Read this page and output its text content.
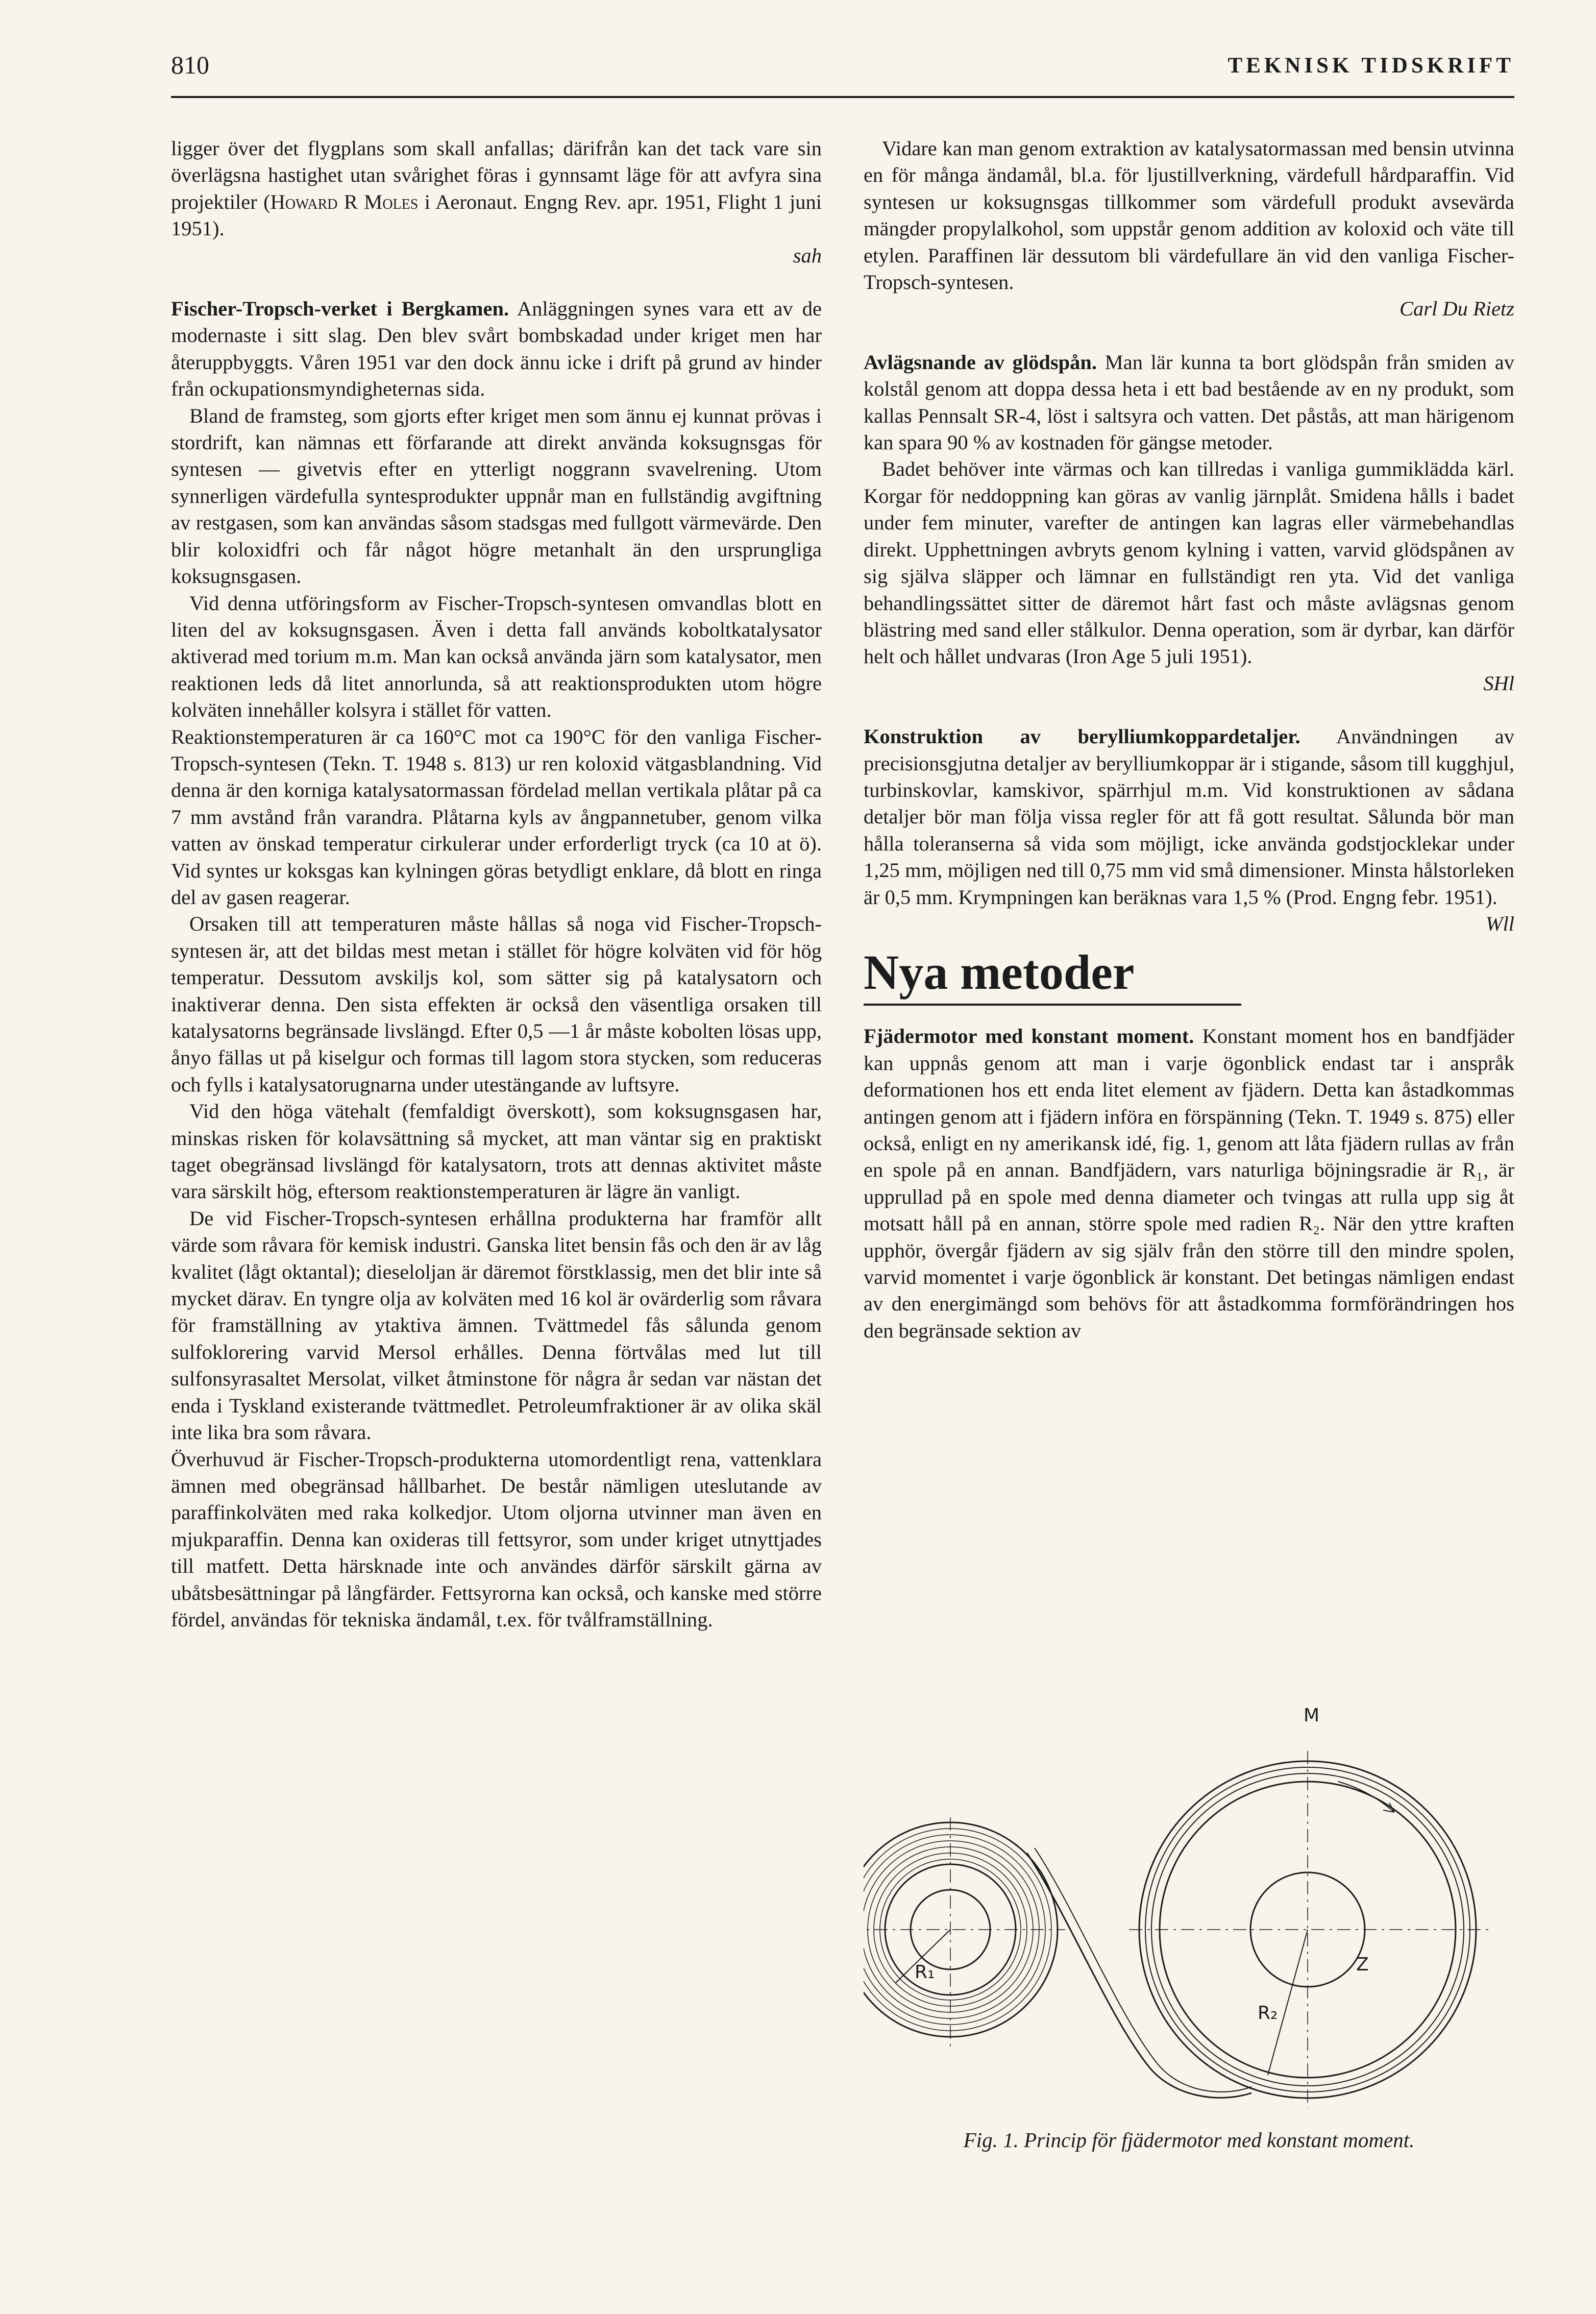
810	TEKNISK TIDSKRIFT

ligger över det flygplans som skall anfallas; därifrån kan det tack vare sin överlägsna hastighet utan svårighet föras i gynnsamt läge för att avfyra sina projektiler (Howard R Moles i Aeronaut. Engng Rev. apr. 1951, Flight 1 juni 1951).

sah

Fischer-Tropsch-verket i Bergkamen. Anläggningen synes vara ett av de modernaste i sitt slag. Den blev svårt bombskadad under kriget men har återuppbyggts. Våren 1951 var den dock ännu icke i drift på grund av hinder från ockupationsmyndigheternas sida.

Bland de framsteg, som gjorts efter kriget men som ännu ej kunnat prövas i stordrift, kan nämnas ett förfarande att direkt använda koksugnsgas för syntesen — givetvis efter en ytterligt noggrann svavelrening. Utom synnerligen värdefulla syntesprodukter uppnår man en fullständig avgiftning av restgasen, som kan användas såsom stadsgas med fullgott värmevärde. Den blir koloxidfri och får något högre metanhalt än den ursprungliga koksugnsgasen.

Vid denna utföringsform av Fischer-Tropsch-syntesen omvandlas blott en liten del av koksugnsgasen. Även i detta fall används koboltkatalysator aktiverad med torium m.m. Man kan också använda järn som katalysator, men reaktionen leds då litet annorlunda, så att reaktionsprodukten utom högre kolväten innehåller kolsyra i stället för vatten.

Reaktionstemperaturen är ca 160°C mot ca 190°C för den vanliga Fischer-Tropsch-syntesen (Tekn. T. 1948 s. 813) ur ren koloxid vätgasblandning. Vid denna är den korniga katalysatormassan fördelad mellan vertikala plåtar på ca 7 mm avstånd från varandra. Plåtarna kyls av ångpannetuber, genom vilka vatten av önskad temperatur cirkulerar under erforderligt tryck (ca 10 at ö). Vid syntes ur koksgas kan kylningen göras betydligt enklare, då blott en ringa del av gasen reagerar.

Orsaken till att temperaturen måste hållas så noga vid Fischer-Tropsch-syntesen är, att det bildas mest metan i stället för högre kolväten vid för hög temperatur. Dessutom avskiljs kol, som sätter sig på katalysatorn och inaktiverar denna. Den sista effekten är också den väsentliga orsaken till katalysatorns begränsade livslängd. Efter 0,5 —1 år måste kobolten lösas upp, ånyo fällas ut på kiselgur och formas till lagom stora stycken, som reduceras och fylls i katalysatorugnarna under utestängande av luftsyre.

Vid den höga vätehalt (femfaldigt överskott), som koksugnsgasen har, minskas risken för kolavsättning så mycket, att man väntar sig en praktiskt taget obegränsad livslängd för katalysatorn, trots att dennas aktivitet måste vara särskilt hög, eftersom reaktionstemperaturen är lägre än vanligt.

De vid Fischer-Tropsch-syntesen erhållna produkterna har framför allt värde som råvara för kemisk industri. Ganska litet bensin fås och den är av låg kvalitet (lågt oktantal); dieseloljan är däremot förstklassig, men det blir inte så mycket därav. En tyngre olja av kolväten med 16 kol är ovärderlig som råvara för framställning av ytaktiva ämnen. Tvättmedel fås sålunda genom sulfoklorering varvid Mersol erhålles. Denna förtvålas med lut till sulfonsyrasaltet Mersolat, vilket åtminstone för några år sedan var nästan det enda i Tyskland existerande tvättmedlet. Petroleumfraktioner är av olika skäl inte lika bra som råvara.

Överhuvud är Fischer-Tropsch-produkterna utomordentligt rena, vattenklara ämnen med obegränsad hållbarhet. De består nämligen uteslutande av paraffinkolväten med raka kolkedjor. Utom oljorna utvinner man även en mjukparaffin. Denna kan oxideras till fettsyror, som under kriget utnyttjades till matfett. Detta härsknade inte och användes därför särskilt gärna av ubåtsbesättningar på långfärder. Fettsyrorna kan också, och kanske med större fördel, användas för tekniska ändamål, t.ex. för tvålframställning.

Vidare kan man genom extraktion av katalysatormassan med bensin utvinna en för många ändamål, bl.a. för ljustillverkning, värdefull hårdparaffin. Vid syntesen ur koksugnsgas tillkommer som värdefull produkt avsevärda mängder propylalkohol, som uppstår genom addition av koloxid och väte till etylen. Paraffinen lär dessutom bli värdefullare än vid den vanliga Fischer-Tropsch-syntesen.

Carl Du Rietz

Avlägsnande av glödspån. Man lär kunna ta bort glödspån från smiden av kolstål genom att doppa dessa heta i ett bad bestående av en ny produkt, som kallas Pennsalt SR-4, löst i saltsyra och vatten. Det påstås, att man härigenom kan spara 90 % av kostnaden för gängse metoder.

Badet behöver inte värmas och kan tillredas i vanliga gummiklädda kärl. Korgar för neddoppning kan göras av vanlig järnplåt. Smidena hålls i badet under fem minuter, varefter de antingen kan lagras eller värmebehandlas direkt. Upphettningen avbryts genom kylning i vatten, varvid glödspånen av sig själva släpper och lämnar en fullständigt ren yta. Vid det vanliga behandlingssättet sitter de däremot hårt fast och måste avlägsnas genom blästring med sand eller stålkulor. Denna operation, som är dyrbar, kan därför helt och hållet undvaras (Iron Age 5 juli 1951).

SHl

Konstruktion av berylliumkoppardetaljer. Användningen av precisionsgjutna detaljer av berylliumkoppar är i stigande, såsom till kugghjul, turbinskovlar, kamskivor, spärrhjul m.m. Vid konstruktionen av sådana detaljer bör man följa vissa regler för att få gott resultat. Sålunda bör man hålla toleranserna så vida som möjligt, icke använda godstjocklekar under 1,25 mm, möjligen ned till 0,75 mm vid små dimensioner. Minsta hålstorleken är 0,5 mm. Krympningen kan beräknas vara 1,5 % (Prod. Engng febr. 1951).

Wll

Nya metoder

Fjädermotor med konstant moment. Konstant moment hos en bandfjäder kan uppnås genom att man i varje ögonblick endast tar i anspråk deformationen hos ett enda litet element av fjädern. Detta kan åstadkommas antingen genom att i fjädern införa en förspänning (Tekn. T. 1949 s. 875) eller också, enligt en ny amerikansk idé, fig. 1, genom att låta fjädern rullas av från en spole på en annan. Bandfjädern, vars naturliga böjningsradie är R₁, är upprullad på en spole med denna diameter och tvingas att rulla upp sig åt motsatt håll på en annan, större spole med radien R₂. När den yttre kraften upphör, övergår fjädern av sig själv från den större till den mindre spolen, varvid momentet i varje ögonblick är konstant. Det betingas nämligen endast av den energimängd som behövs för att åstadkomma formförändringen hos den begränsade sektion av

M
Z
R₁
R₂
Fig. 1. Princip för fjädermotor med konstant moment.
